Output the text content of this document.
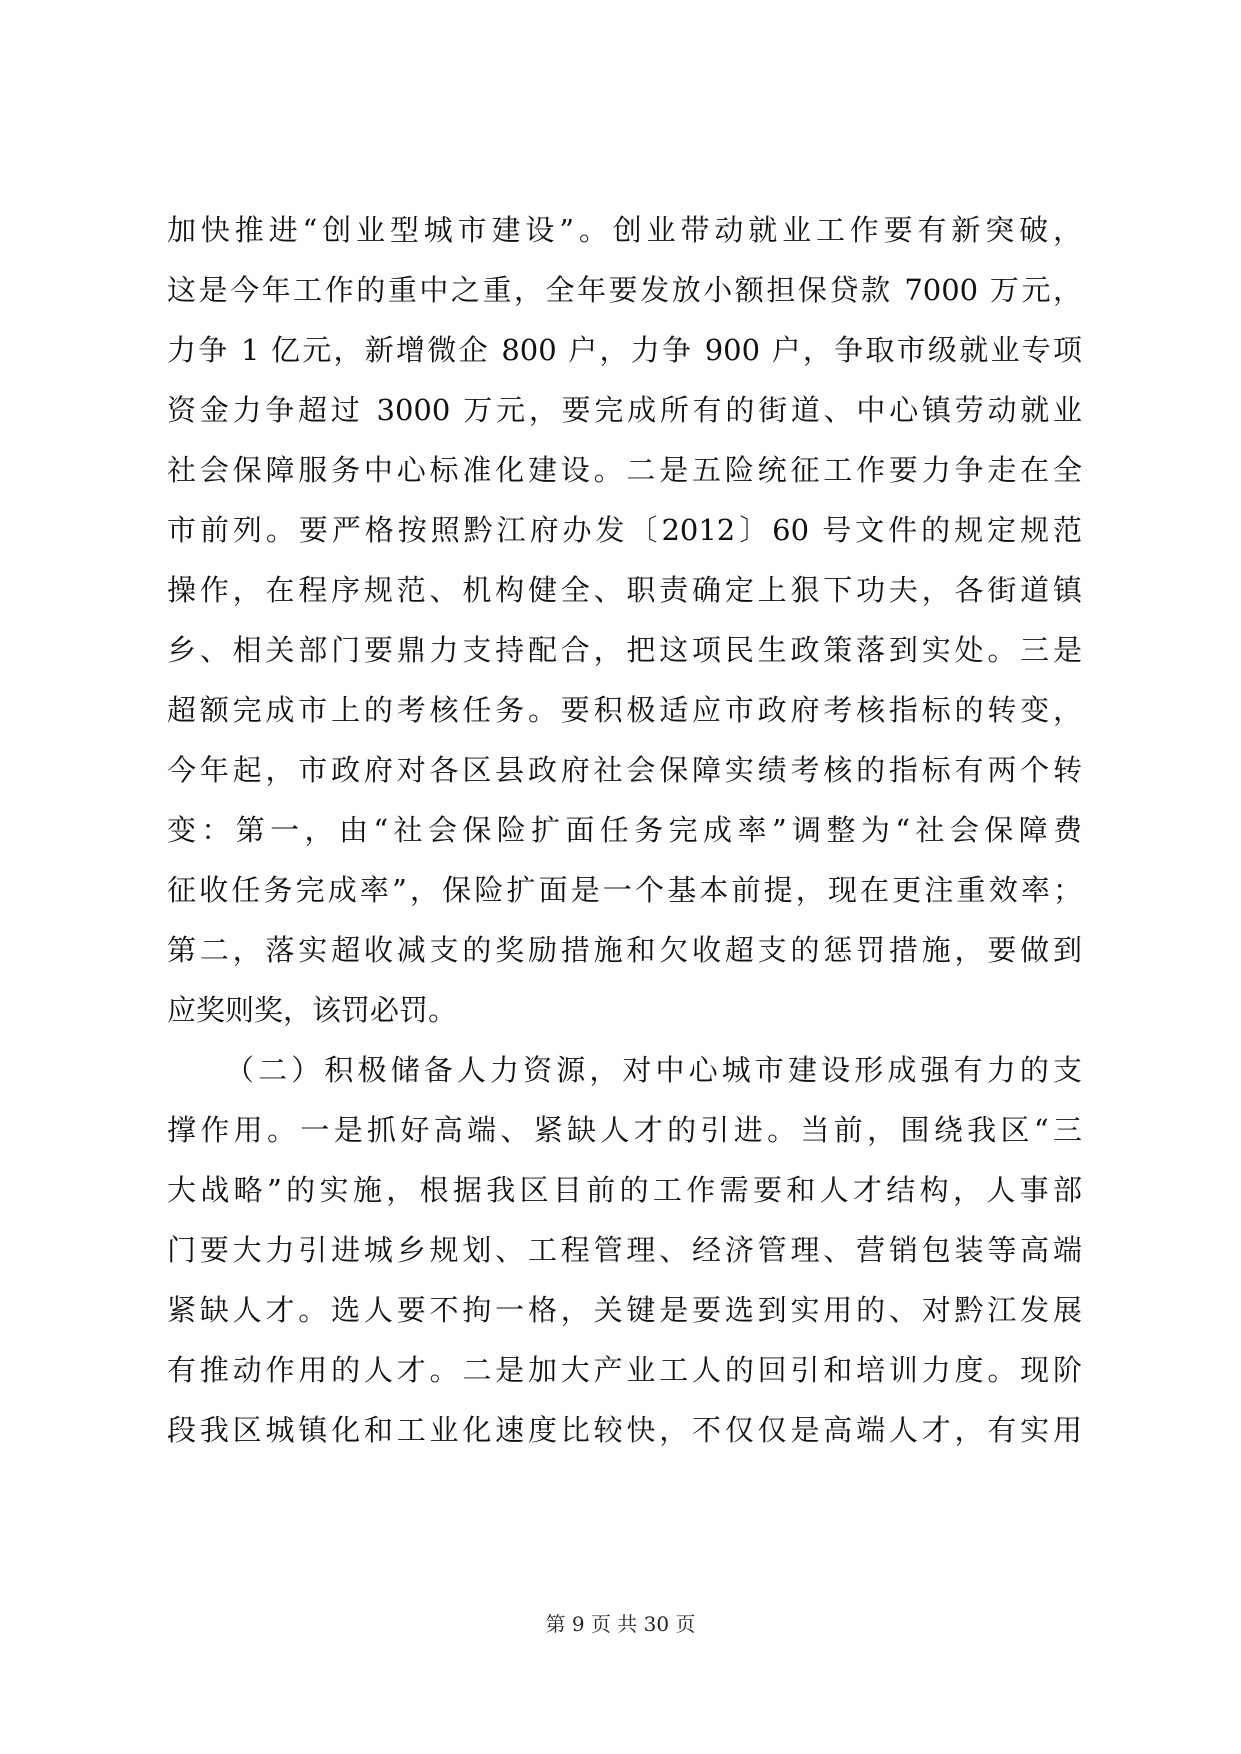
加快推进“创业型城市建设”。创业带动就业工作要有新突破，
这是今年工作的重中之重，全年要发放小额担保贷款 7000 万元，
力争 1 亿元，新增微企 800 户，力争 900 户，争取市级就业专项
资金力争超过 3000 万元，要完成所有的街道、中心镇劳动就业
社会保障服务中心标准化建设。二是五险统征工作要力争走在全
市前列。要严格按照黔江府办发〔2012〕60 号文件的规定规范
操作，在程序规范、机构健全、职责确定上狠下功夫，各街道镇
乡、相关部门要鼎力支持配合，把这项民生政策落到实处。三是
超额完成市上的考核任务。要积极适应市政府考核指标的转变，
今年起，市政府对各区县政府社会保障实绩考核的指标有两个转
变：第一，由“社会保险扩面任务完成率”调整为“社会保障费
征收任务完成率”，保险扩面是一个基本前提，现在更注重效率；
第二，落实超收减支的奖励措施和欠收超支的惩罚措施，要做到
应奖则奖，该罚必罚。
（二）积极储备人力资源，对中心城市建设形成强有力的支
撑作用。一是抓好高端、紧缺人才的引进。当前，围绕我区“三
大战略”的实施，根据我区目前的工作需要和人才结构，人事部
门要大力引进城乡规划、工程管理、经济管理、营销包装等高端
紧缺人才。选人要不拘一格，关键是要选到实用的、对黔江发展
有推动作用的人才。二是加大产业工人的回引和培训力度。现阶
段我区城镇化和工业化速度比较快，不仅仅是高端人才，有实用
第 9 页 共 30 页
